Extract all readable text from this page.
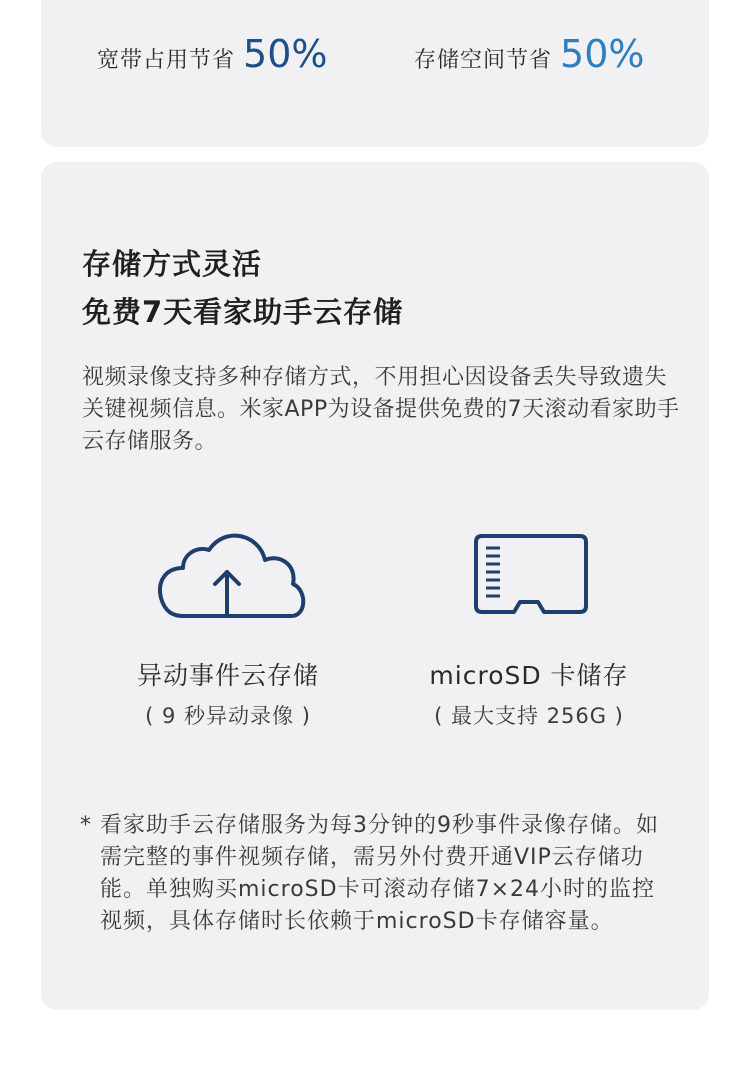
宽带占用节省 50%	存储空间节省 50%
存储方式灵活
免费7天看家助手云存储
视频录像支持多种存储方式，不用担心因设备丢失导致遗失关键视频信息。米家APP为设备提供免费的7天滚动看家助手云存储服务。
异动事件云存储
( 9 秒异动录像 )
microSD 卡储存
( 最大支持 256G )
* 看家助手云存储服务为每3分钟的9秒事件录像存储。如需完整的事件视频存储，需另外付费开通VIP云存储功能。单独购买microSD卡可滚动存储7×24小时的监控视频，具体存储时长依赖于microSD卡存储容量。
